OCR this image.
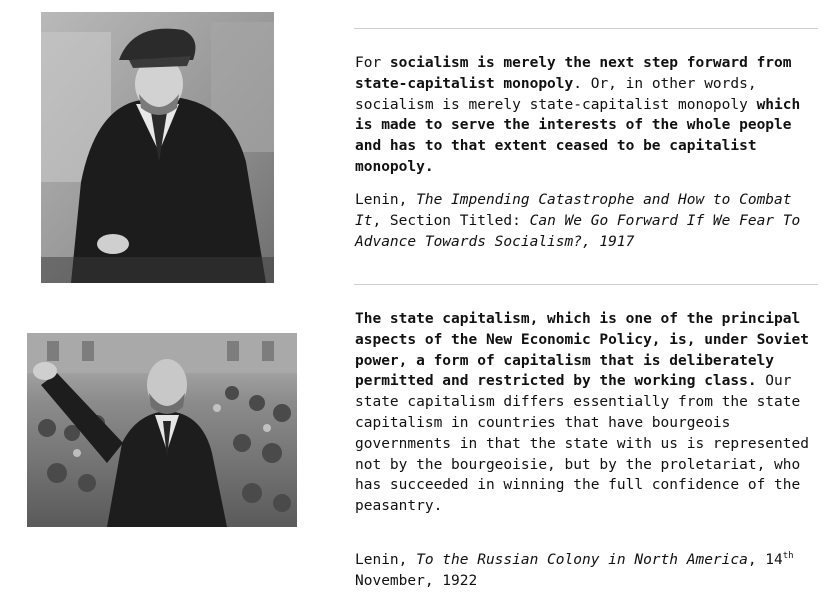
For socialism is merely the next step forward from state-capitalist monopoly. Or, in other words, socialism is merely state-capitalist monopoly which is made to serve the interests of the whole people and has to that extent ceased to be capitalist monopoly.

Lenin, The Impending Catastrophe and How to Combat It, Section Titled: Can We Go Forward If We Fear To Advance Towards Socialism?, 1917

The state capitalism, which is one of the principal aspects of the New Economic Policy, is, under Soviet power, a form of capitalism that is deliberately permitted and restricted by the working class. Our state capitalism differs essentially from the state capitalism in countries that have bourgeois governments in that the state with us is represented not by the bourgeoisie, but by the proletariat, who has succeeded in winning the full confidence of the peasantry.

Lenin, To the Russian Colony in North America, 14th November, 1922
